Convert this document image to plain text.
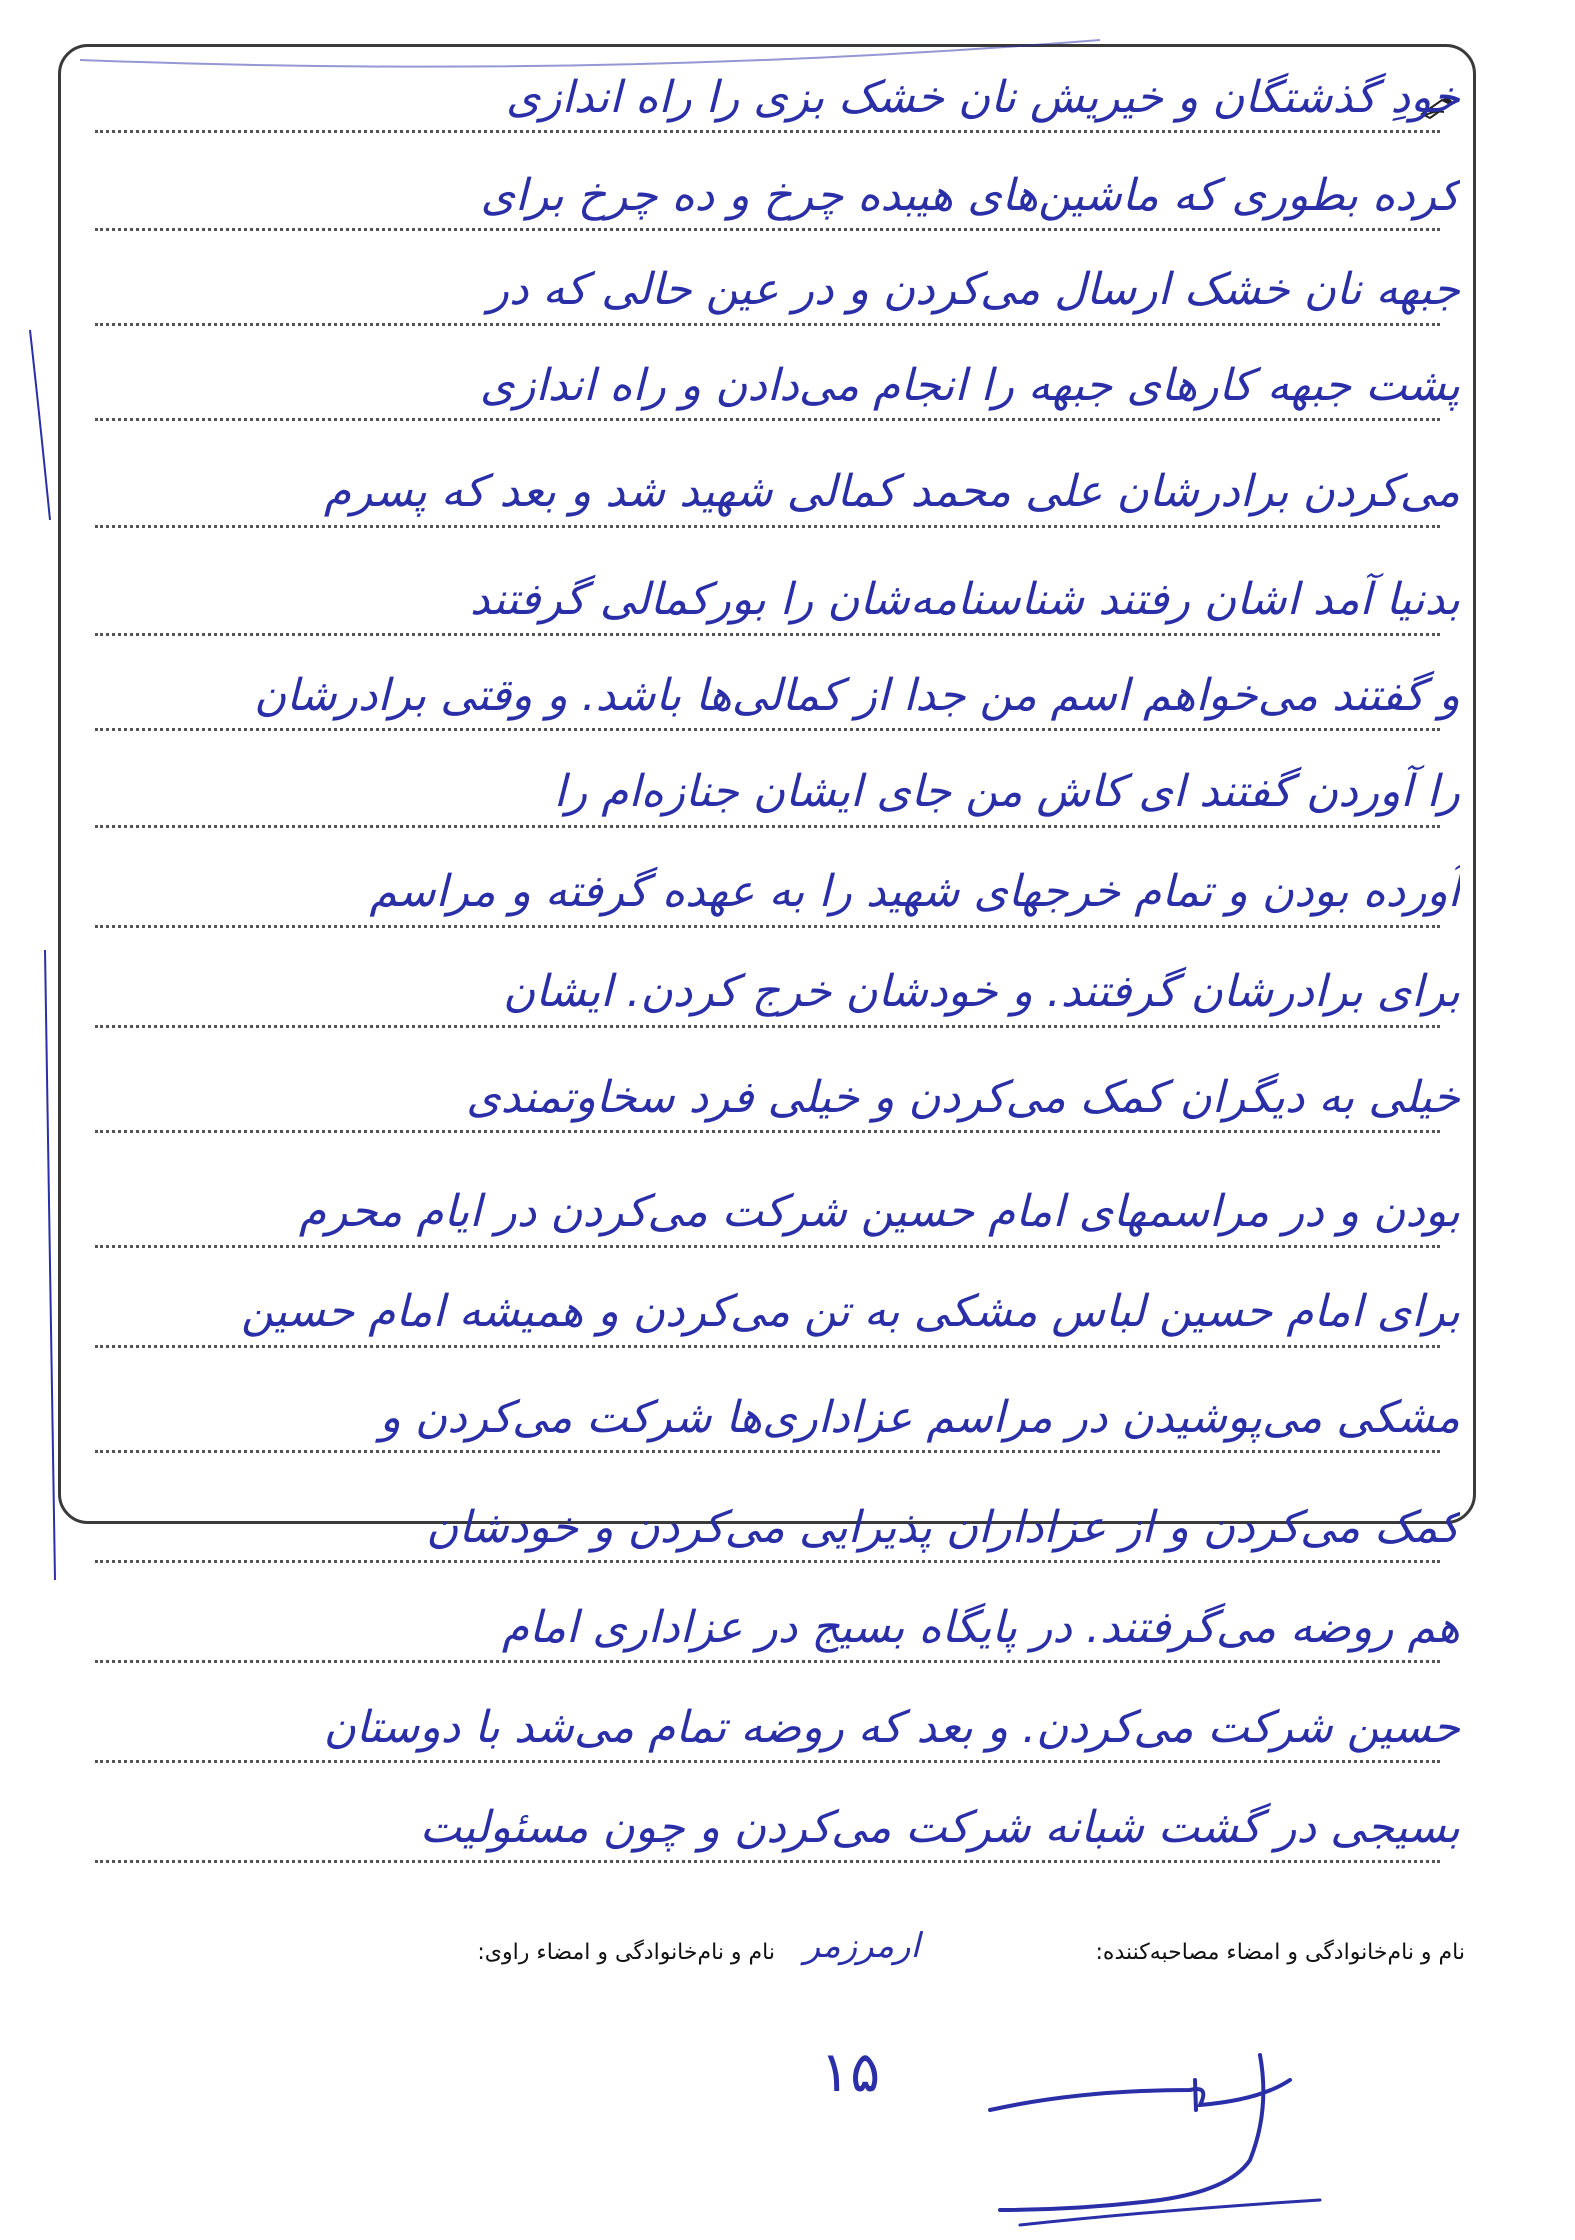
خودِ گذشتگان و خیریش نان خشک بزی را راه اندازی
کرده بطوری که ماشین‌های هیبده چرخ و ده چرخ برای
جبهه نان خشک ارسال می‌کردن و در عین حالی که در
پشت جبهه کارهای جبهه را انجام می‌دادن و راه اندازی
می‌کردن برادرشان علی محمد کمالی شهید شد و بعد که پسرم
بدنیا آمد اشان رفتند شناسنامه‌شان را بورکمالی گرفتند
و گفتند می‌خواهم اسم من جدا از کمالی‌ها باشد. و وقتی برادرشان
را آوردن گفتند ای کاش من جای ایشان جنازه‌ام را
آورده بودن و تمام خرجهای شهید را به عهده گرفته و مراسم
برای برادرشان گرفتند. و خودشان خرج کردن. ایشان
خیلی به دیگران کمک می‌کردن و خیلی فرد سخاوتمندی
بودن و در مراسمهای امام حسین شرکت می‌کردن در ایام محرم
برای امام حسین لباس مشکی به تن می‌کردن و همیشه امام حسین
مشکی می‌پوشیدن در مراسم عزاداری‌ها شرکت می‌کردن و
کمک می‌کردن و از عزاداران پذیرایی می‌کردن و خودشان
هم روضه می‌گرفتند. در پایگاه بسیج در عزاداری امام
حسین شرکت می‌کردن. و بعد که روضه تمام می‌شد با دوستان
بسیجی در گشت شبانه شرکت می‌کردن و چون مسئولیت
نام و نام‌خانوادگی و امضاء مصاحبه‌کننده:
ارمرزمر
نام و نام‌خانوادگی و امضاء راوی:
۱۵
